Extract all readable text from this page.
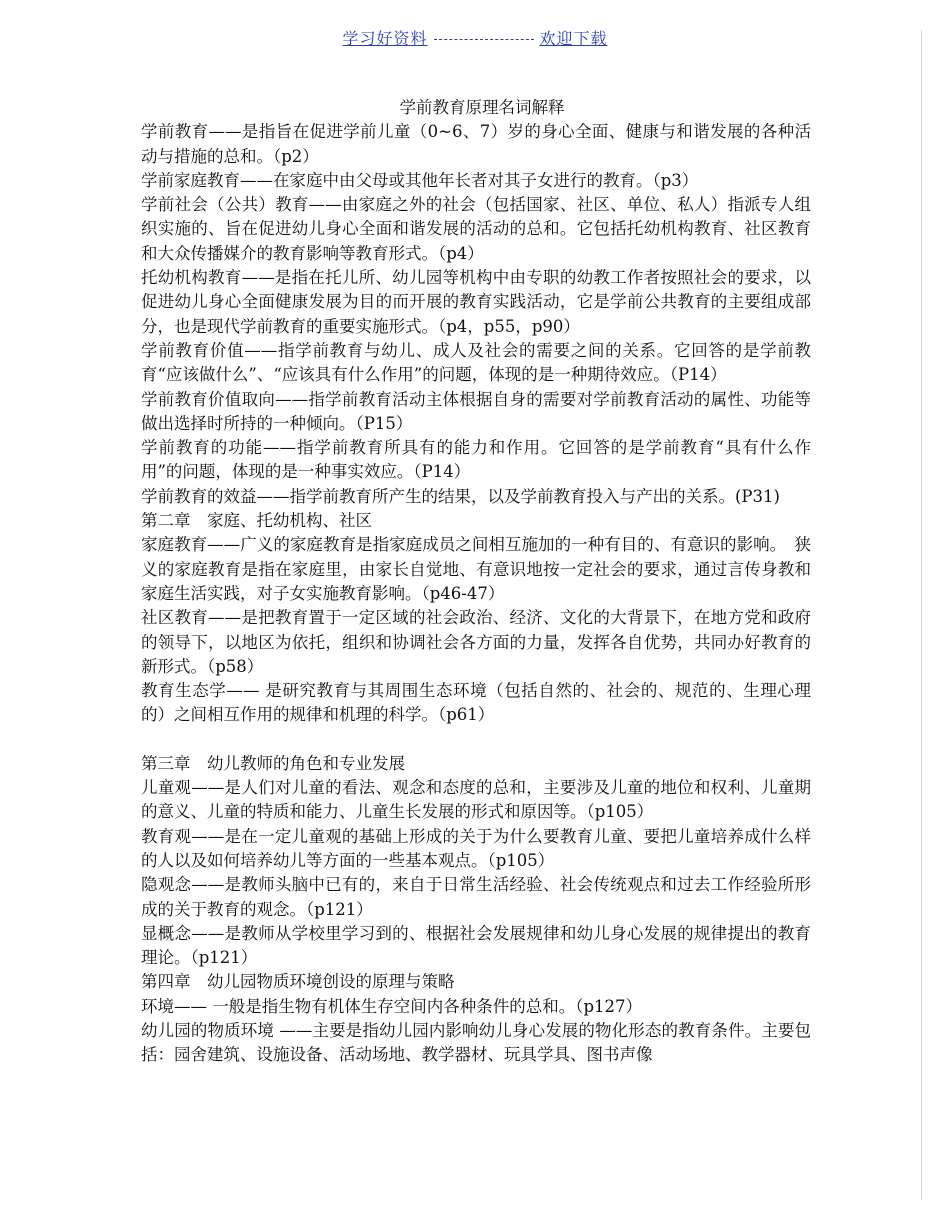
学习好资料	欢迎下载
学前教育原理名词解释
学前教育——是指旨在促进学前儿童（0~6、7）岁的身心全面、健康与和谐发展的各种活动与措施的总和。（p2）
学前家庭教育——在家庭中由父母或其他年长者对其子女进行的教育。（p3）
学前社会（公共）教育——由家庭之外的社会（包括国家、社区、单位、私人）指派专人组织实施的、旨在促进幼儿身心全面和谐发展的活动的总和。它包括托幼机构教育、社区教育和大众传播媒介的教育影响等教育形式。（p4）
托幼机构教育——是指在托儿所、幼儿园等机构中由专职的幼教工作者按照社会的要求，以促进幼儿身心全面健康发展为目的而开展的教育实践活动，它是学前公共教育的主要组成部分，也是现代学前教育的重要实施形式。（p4，p55，p90）
学前教育价值——指学前教育与幼儿、成人及社会的需要之间的关系。它回答的是学前教育“应该做什么”、“应该具有什么作用”的问题，体现的是一种期待效应。（P14）
学前教育价值取向——指学前教育活动主体根据自身的需要对学前教育活动的属性、功能等做出选择时所持的一种倾向。（P15）
学前教育的功能——指学前教育所具有的能力和作用。它回答的是学前教育“具有什么作用”的问题，体现的是一种事实效应。（P14）
学前教育的效益——指学前教育所产生的结果，以及学前教育投入与产出的关系。(P31)
第二章　家庭、托幼机构、社区
家庭教育——广义的家庭教育是指家庭成员之间相互施加的一种有目的、有意识的影响。　狭义的家庭教育是指在家庭里，由家长自觉地、有意识地按一定社会的要求，通过言传身教和家庭生活实践，对子女实施教育影响。（p46-47）
社区教育——是把教育置于一定区域的社会政治、经济、文化的大背景下，在地方党和政府的领导下，以地区为依托，组织和协调社会各方面的力量，发挥各自优势，共同办好教育的新形式。（p58）
教育生态学—— 是研究教育与其周围生态环境（包括自然的、社会的、规范的、生理心理的）之间相互作用的规律和机理的科学。（p61）
第三章　幼儿教师的角色和专业发展
儿童观——是人们对儿童的看法、观念和态度的总和，主要涉及儿童的地位和权利、儿童期的意义、儿童的特质和能力、儿童生长发展的形式和原因等。（p105）
教育观——是在一定儿童观的基础上形成的关于为什么要教育儿童、要把儿童培养成什么样的人以及如何培养幼儿等方面的一些基本观点。（p105）
隐观念——是教师头脑中已有的，来自于日常生活经验、社会传统观点和过去工作经验所形成的关于教育的观念。（p121）
显概念——是教师从学校里学习到的、根据社会发展规律和幼儿身心发展的规律提出的教育理论。（p121）
第四章　幼儿园物质环境创设的原理与策略
环境—— 一般是指生物有机体生存空间内各种条件的总和。（p127）
幼儿园的物质环境 ——主要是指幼儿园内影响幼儿身心发展的物化形态的教育条件。主要包括：园舍建筑、设施设备、活动场地、教学器材、玩具学具、图书声像
